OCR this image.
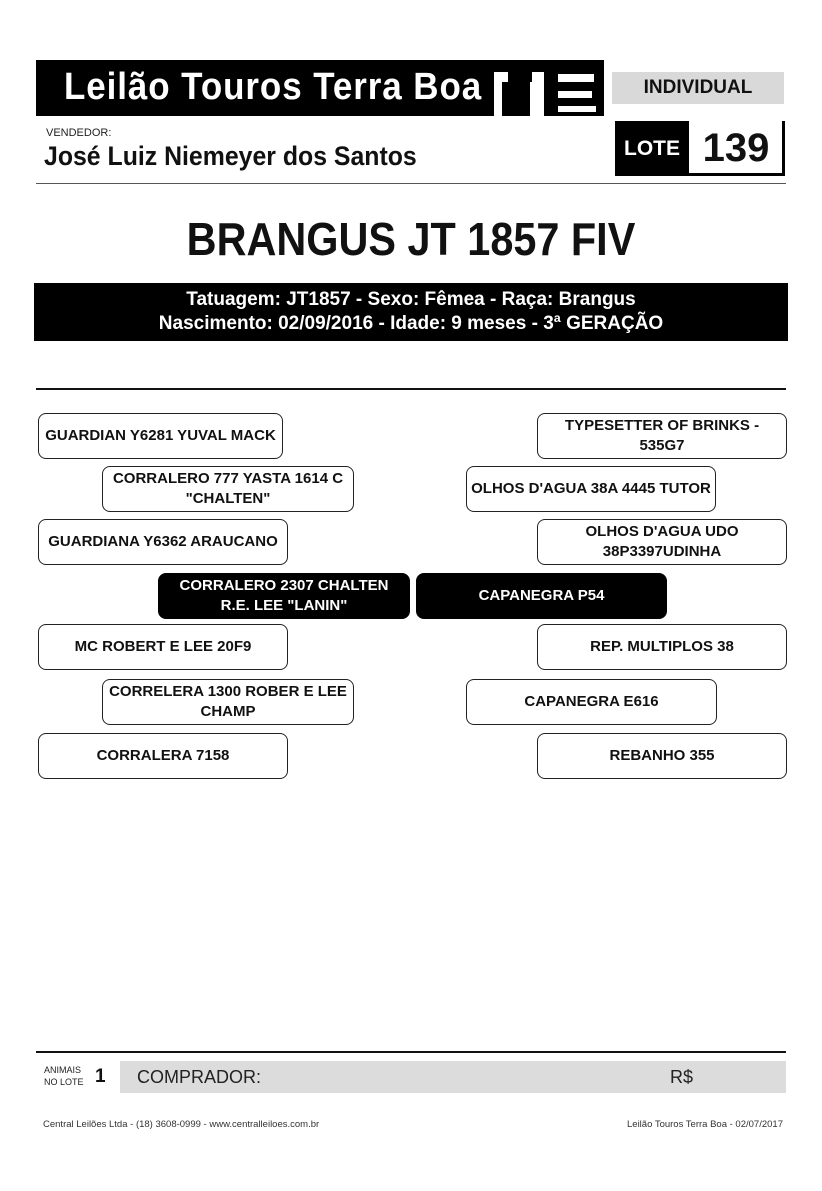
Leilão Touros Terra Boa	INDIVIDUAL
VENDEDOR:
José Luiz Niemeyer dos Santos	LOTE 139
BRANGUS JT 1857 FIV
Tatuagem: JT1857 - Sexo: Fêmea - Raça: Brangus
Nascimento: 02/09/2016 - Idade: 9 meses - 3ª GERAÇÃO
GUARDIAN Y6281 YUVAL MACK
CORRALERO 777 YASTA 1614 C "CHALTEN"
GUARDIANA Y6362 ARAUCANO
CORRALERO 2307 CHALTEN R.E. LEE "LANIN"
MC ROBERT E LEE 20F9
CORRELERA 1300 ROBER E LEE CHAMP
CORRALERA 7158
TYPESETTER OF BRINKS - 535G7
OLHOS D'AGUA 38A 4445 TUTOR
OLHOS D'AGUA UDO 38P3397UDINHA
CAPANEGRA P54
REP. MULTIPLOS 38
CAPANEGRA E616
REBANHO 355
ANIMAIS
NO LOTE 1 COMPRADOR:	R$
Central Leilões Ltda - (18) 3608-0999 - www.centralleiloes.com.br	Leilão Touros Terra Boa - 02/07/2017
